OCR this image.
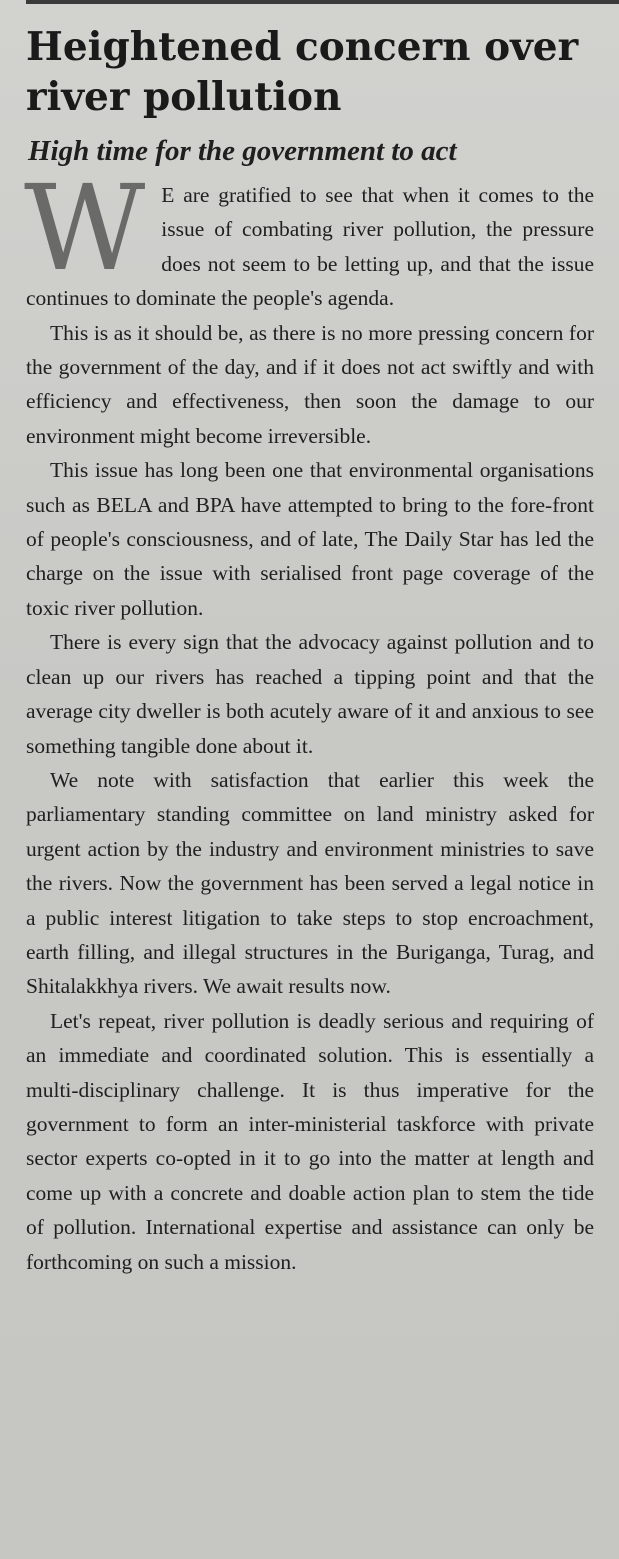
Heightened concern over river pollution
High time for the government to act

W E are gratified to see that when it comes to the issue of combating river pollution, the pressure does not seem to be letting up, and that the issue continues to dominate the people's agenda.

This is as it should be, as there is no more pressing concern for the government of the day, and if it does not act swiftly and with efficiency and effectiveness, then soon the damage to our environment might become irreversible.

This issue has long been one that environmental organisations such as BELA and BPA have attempted to bring to the fore-front of people's consciousness, and of late, The Daily Star has led the charge on the issue with serialised front page coverage of the toxic river pollution.

There is every sign that the advocacy against pollution and to clean up our rivers has reached a tipping point and that the average city dweller is both acutely aware of it and anxious to see something tangible done about it.

We note with satisfaction that earlier this week the parliamentary standing committee on land ministry asked for urgent action by the industry and environment ministries to save the rivers. Now the government has been served a legal notice in a public interest litigation to take steps to stop encroachment, earth filling, and illegal structures in the Buriganga, Turag, and Shitalakkhya rivers. We await results now.

Let's repeat, river pollution is deadly serious and requiring of an immediate and coordinated solution. This is essentially a multi-disciplinary challenge. It is thus imperative for the government to form an inter-ministerial taskforce with private sector experts co-opted in it to go into the matter at length and come up with a concrete and doable action plan to stem the tide of pollution. International expertise and assistance can only be forthcoming on such a mission.
